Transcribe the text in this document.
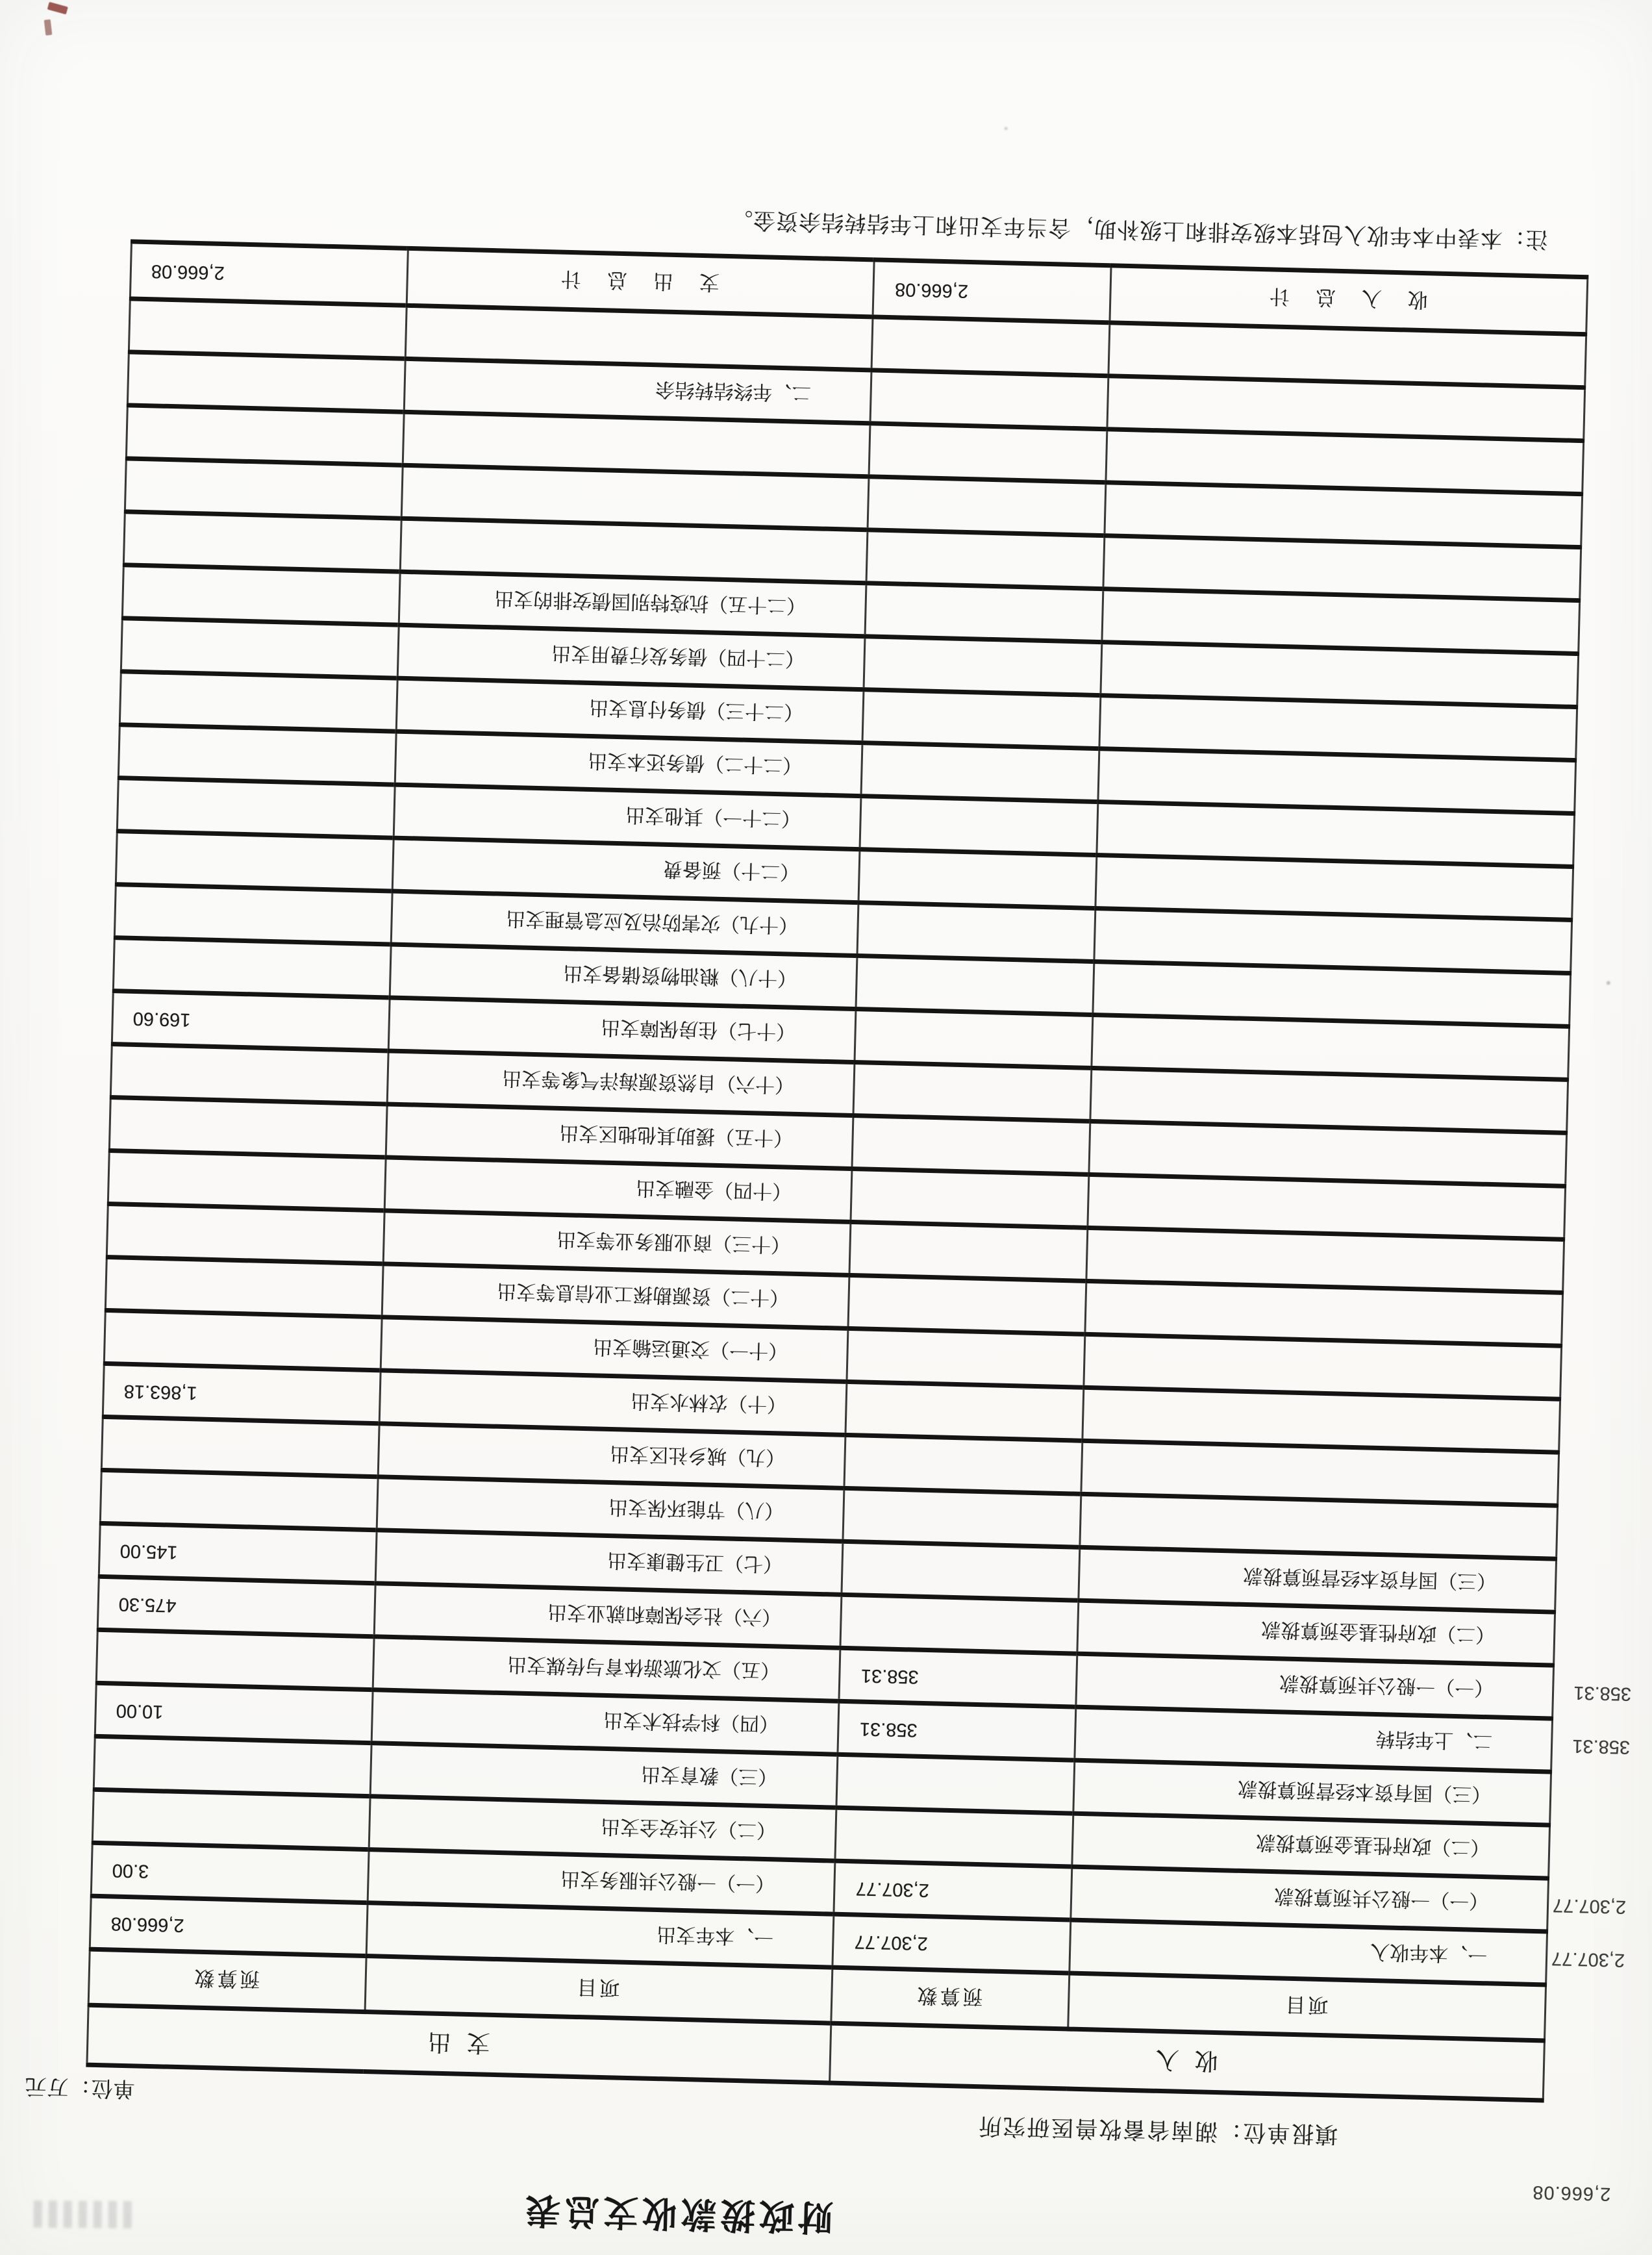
财政拨款收支总表	2,666.08
填报单位：湖南省畜牧兽医研究所
单位：万元
收入		支出	
项目	预算数	项目	预算数
一、本年收入 2,307.77	2,307.77	一、本年支出	2,666.08
（一）一般公共预算拨款 2,307.77	2,307.77	（一）一般公共服务支出	3.00
（二）政府性基金预算拨款		（二）公共安全支出	
（三）国有资本经营预算拨款		（三）教育支出	
二、上年结转 358.31	358.31	（四）科学技术支出	10.00
（一）一般公共预算拨款 358.31	358.31	（五）文化旅游体育与传媒支出	
（二）政府性基金预算拨款		（六）社会保障和就业支出	475.30
（三）国有资本经营预算拨款		（七）卫生健康支出	145.00
		（八）节能环保支出	
		（九）城乡社区支出	
		（十）农林水支出	1,863.18
		（十一）交通运输支出	
		（十二）资源勘探工业信息等支出	
		（十三）商业服务业等支出	
		（十四）金融支出	
		（十五）援助其他地区支出	
		（十六）自然资源海洋气象等支出	
		（十七）住房保障支出	169.60
		（十八）粮油物资储备支出	
		（十九）灾害防治及应急管理支出	
		（二十）预备费	
		（二十一）其他支出	
		（二十二）债务还本支出	
		（二十三）债务付息支出	
		（二十四）债务发行费用支出	
		（二十五）抗疫特别国债安排的支出	

		二、年终结转结余	

收入总计	2,666.08	支出总计	2,666.08
注：本表中本年收入包括本级安排和上级补助，含当年支出和上年结转结余资金。
